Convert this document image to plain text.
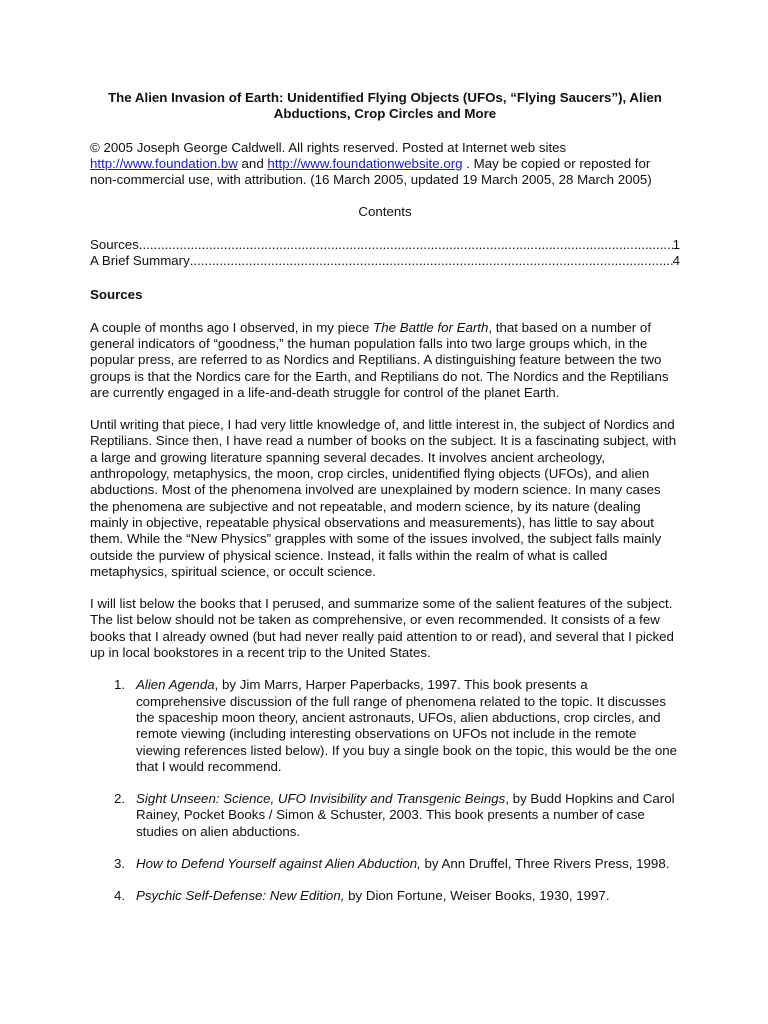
The Alien Invasion of Earth: Unidentified Flying Objects (UFOs, “Flying Saucers”), Alien Abductions, Crop Circles and More

© 2005 Joseph George Caldwell. All rights reserved. Posted at Internet web sites http://www.foundation.bw and http://www.foundationwebsite.org . May be copied or reposted for non-commercial use, with attribution. (16 March 2005, updated 19 March 2005, 28 March 2005)

Contents

Sources .....	1
A Brief Summary .....	4

Sources

A couple of months ago I observed, in my piece The Battle for Earth, that based on a number of general indicators of “goodness,” the human population falls into two large groups which, in the popular press, are referred to as Nordics and Reptilians. A distinguishing feature between the two groups is that the Nordics care for the Earth, and Reptilians do not. The Nordics and the Reptilians are currently engaged in a life-and-death struggle for control of the planet Earth.

Until writing that piece, I had very little knowledge of, and little interest in, the subject of Nordics and Reptilians. Since then, I have read a number of books on the subject. It is a fascinating subject, with a large and growing literature spanning several decades. It involves ancient archeology, anthropology, metaphysics, the moon, crop circles, unidentified flying objects (UFOs), and alien abductions. Most of the phenomena involved are unexplained by modern science. In many cases the phenomena are subjective and not repeatable, and modern science, by its nature (dealing mainly in objective, repeatable physical observations and measurements), has little to say about them. While the “New Physics” grapples with some of the issues involved, the subject falls mainly outside the purview of physical science. Instead, it falls within the realm of what is called metaphysics, spiritual science, or occult science.

I will list below the books that I perused, and summarize some of the salient features of the subject. The list below should not be taken as comprehensive, or even recommended. It consists of a few books that I already owned (but had never really paid attention to or read), and several that I picked up in local bookstores in a recent trip to the United States.

1. Alien Agenda, by Jim Marrs, Harper Paperbacks, 1997. This book presents a comprehensive discussion of the full range of phenomena related to the topic. It discusses the spaceship moon theory, ancient astronauts, UFOs, alien abductions, crop circles, and remote viewing (including interesting observations on UFOs not include in the remote viewing references listed below). If you buy a single book on the topic, this would be the one that I would recommend.
2. Sight Unseen: Science, UFO Invisibility and Transgenic Beings, by Budd Hopkins and Carol Rainey, Pocket Books / Simon & Schuster, 2003. This book presents a number of case studies on alien abductions.
3. How to Defend Yourself against Alien Abduction, by Ann Druffel, Three Rivers Press, 1998.
4. Psychic Self-Defense: New Edition, by Dion Fortune, Weiser Books, 1930, 1997.
